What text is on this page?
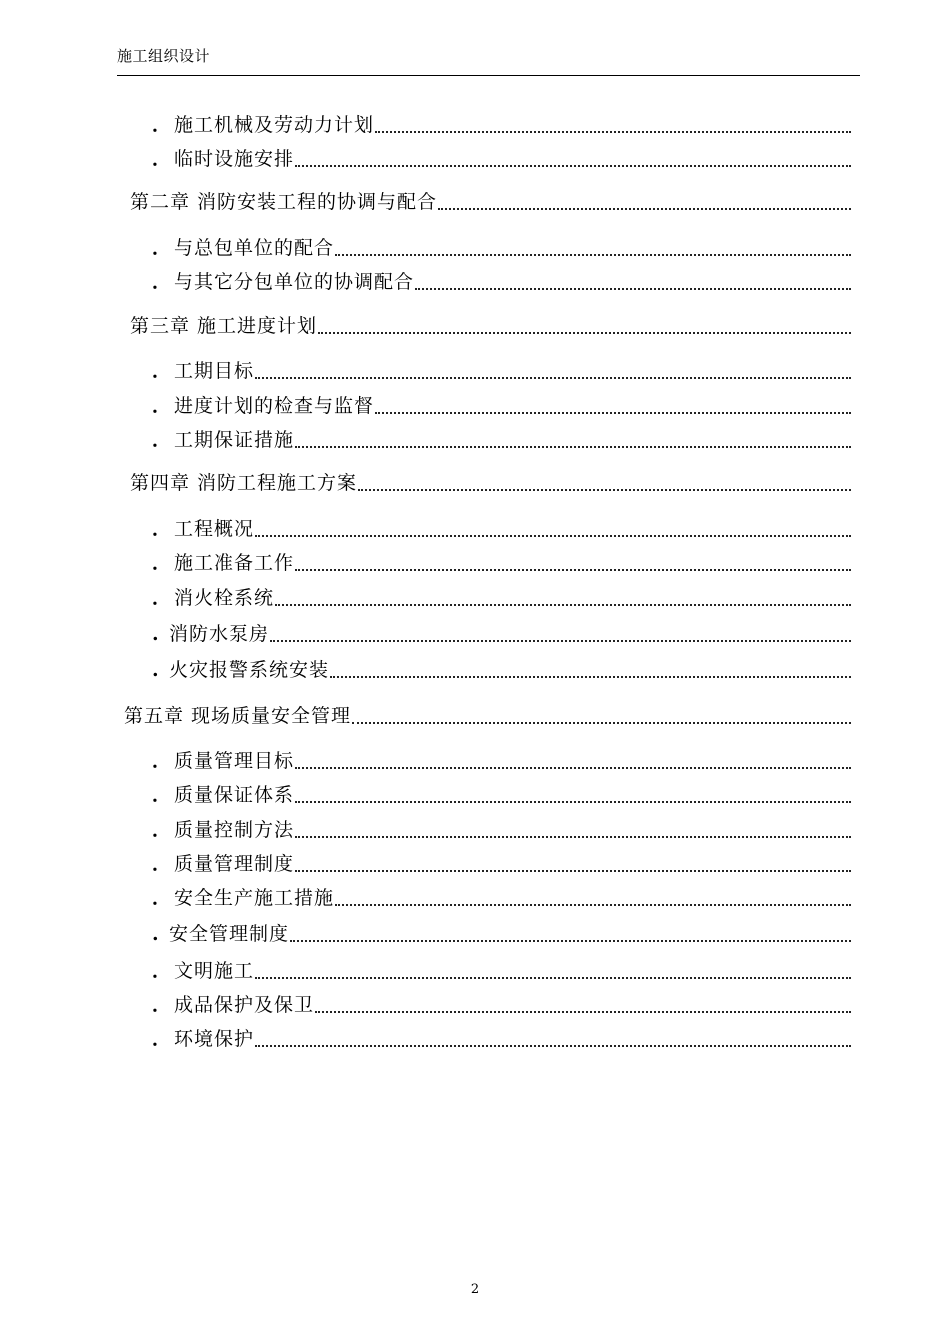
施工组织设计
． 施工机械及劳动力计划
． 临时设施安排
第二章 消防安装工程的协调与配合
． 与总包单位的配合
． 与其它分包单位的协调配合
第三章 施工进度计划
． 工期目标
． 进度计划的检查与监督
． 工期保证措施
第四章 消防工程施工方案
． 工程概况
． 施工准备工作
． 消火栓系统
. 消防水泵房
. 火灾报警系统安装
第五章 现场质量安全管理
． 质量管理目标
． 质量保证体系
． 质量控制方法
． 质量管理制度
． 安全生产施工措施
. 安全管理制度
． 文明施工
． 成品保护及保卫
． 环境保护
2
